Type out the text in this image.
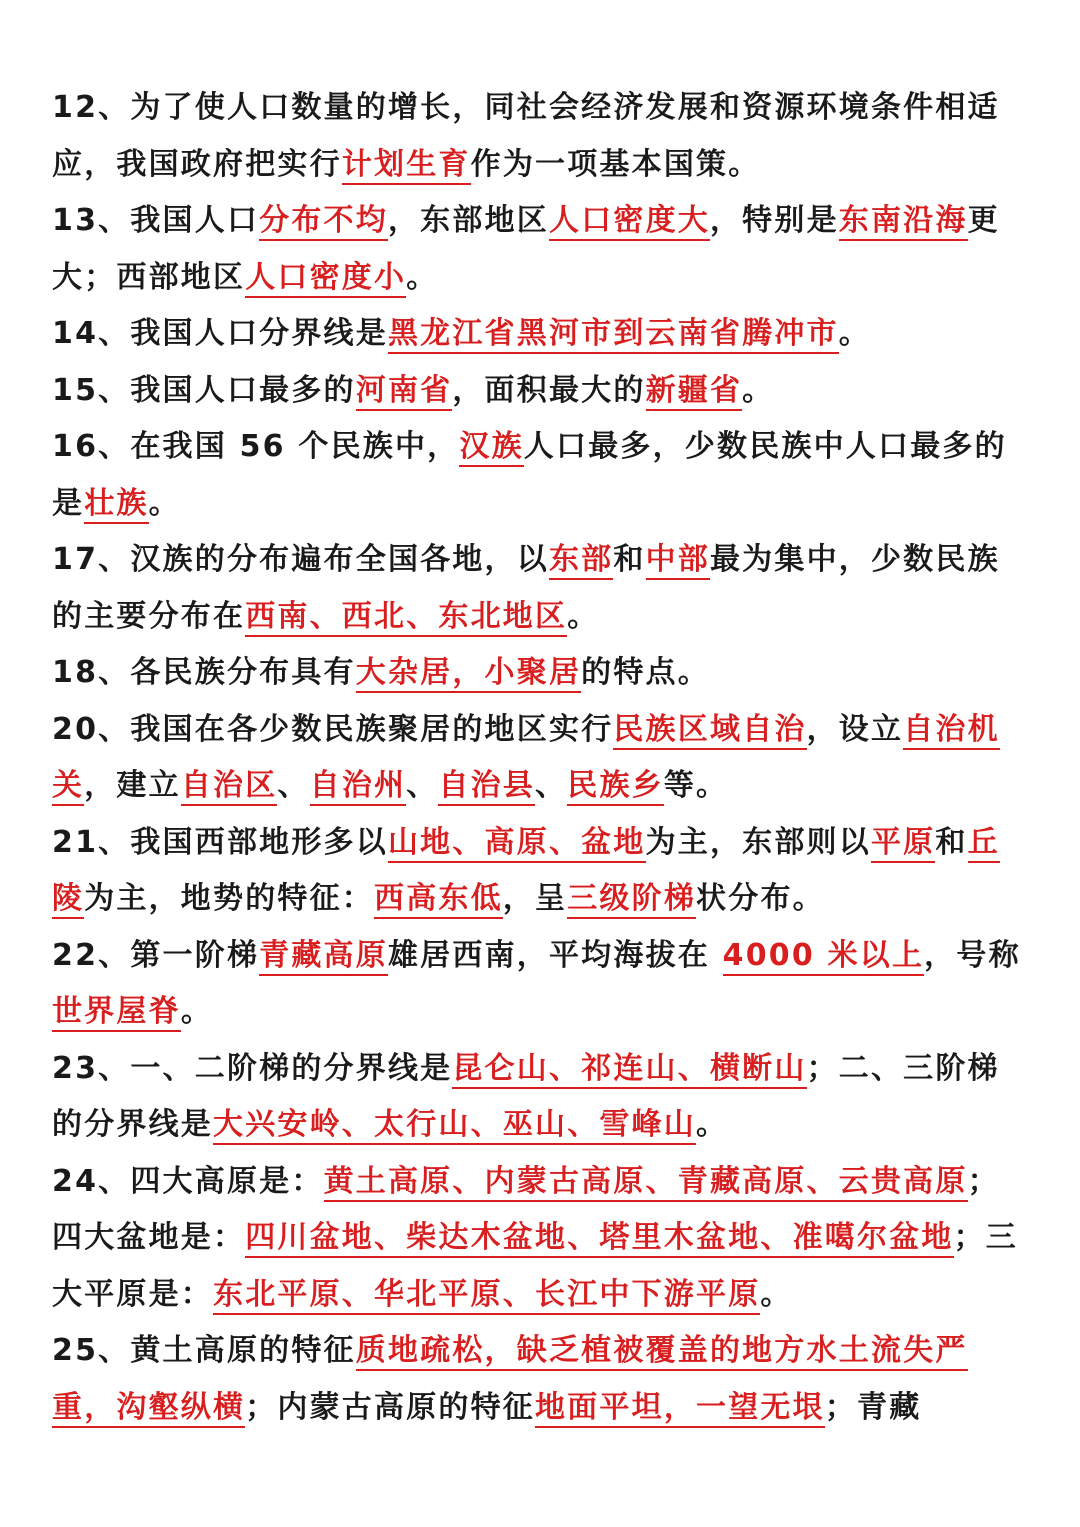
12、为了使人口数量的增长，同社会经济发展和资源环境条件相适应，我国政府把实行计划生育作为一项基本国策。

13、我国人口分布不均，东部地区人口密度大，特别是东南沿海更大；西部地区人口密度小。

14、我国人口分界线是黑龙江省黑河市到云南省腾冲市。

15、我国人口最多的河南省，面积最大的新疆省。

16、在我国 56 个民族中，汉族人口最多，少数民族中人口最多的是壮族。

17、汉族的分布遍布全国各地，以东部和中部最为集中，少数民族的主要分布在西南、西北、东北地区。

18、各民族分布具有大杂居，小聚居的特点。

20、我国在各少数民族聚居的地区实行民族区域自治，设立自治机关，建立自治区、自治州、自治县、民族乡等。

21、我国西部地形多以山地、高原、盆地为主，东部则以平原和丘陵为主，地势的特征：西高东低，呈三级阶梯状分布。

22、第一阶梯青藏高原雄居西南，平均海拔在 4000 米以上，号称世界屋脊。

23、一、二阶梯的分界线是昆仑山、祁连山、横断山；二、三阶梯的分界线是大兴安岭、太行山、巫山、雪峰山。

24、四大高原是：黄土高原、内蒙古高原、青藏高原、云贵高原；四大盆地是：四川盆地、柴达木盆地、塔里木盆地、准噶尔盆地；三大平原是：东北平原、华北平原、长江中下游平原。

25、黄土高原的特征质地疏松，缺乏植被覆盖的地方水土流失严重，沟壑纵横；内蒙古高原的特征地面平坦，一望无垠；青藏
